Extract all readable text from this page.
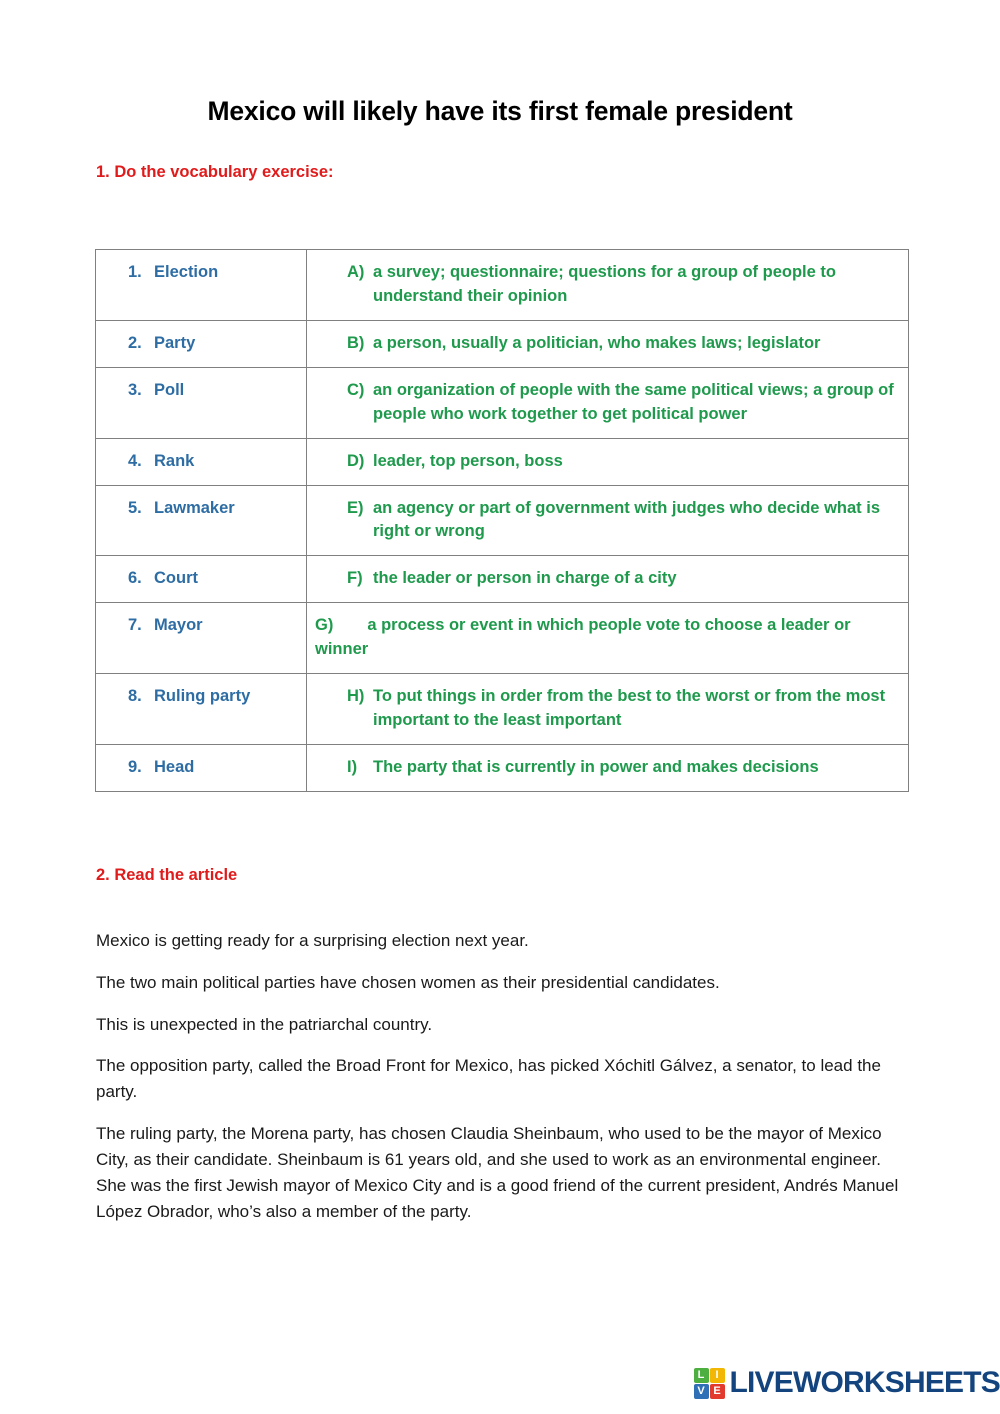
Mexico will likely have its first female president
1. Do the vocabulary exercise:
1. Election	A) a survey; questionnaire; questions for a group of people to understand their opinion

2. Party	B) a person, usually a politician, who makes laws; legislator

3. Poll	C) an organization of people with the same political views; a group of people who work together to get political power

4. Rank	D) leader, top person, boss

5. Lawmaker	E) an agency or part of government with judges who decide what is right or wrong

6. Court	F) the leader or person in charge of a city

7. Mayor	G) a process or event in which people vote to choose a leader or winner

8. Ruling party	H) To put things in order from the best to the worst or from the most important to the least important

9. Head	I) The party that is currently in power and makes decisions
2. Read the article

Mexico is getting ready for a surprising election next year.

The two main political parties have chosen women as their presidential candidates.

This is unexpected in the patriarchal country.

The opposition party, called the Broad Front for Mexico, has picked Xóchitl Gálvez, a senator, to lead the party.

The ruling party, the Morena party, has chosen Claudia Sheinbaum, who used to be the mayor of Mexico City, as their candidate. Sheinbaum is 61 years old, and she used to work as an environmental engineer. She was the first Jewish mayor of Mexico City and is a good friend of the current president, Andrés Manuel López Obrador, who’s also a member of the party.

L	I
V E LIVEWORKSHEETS
